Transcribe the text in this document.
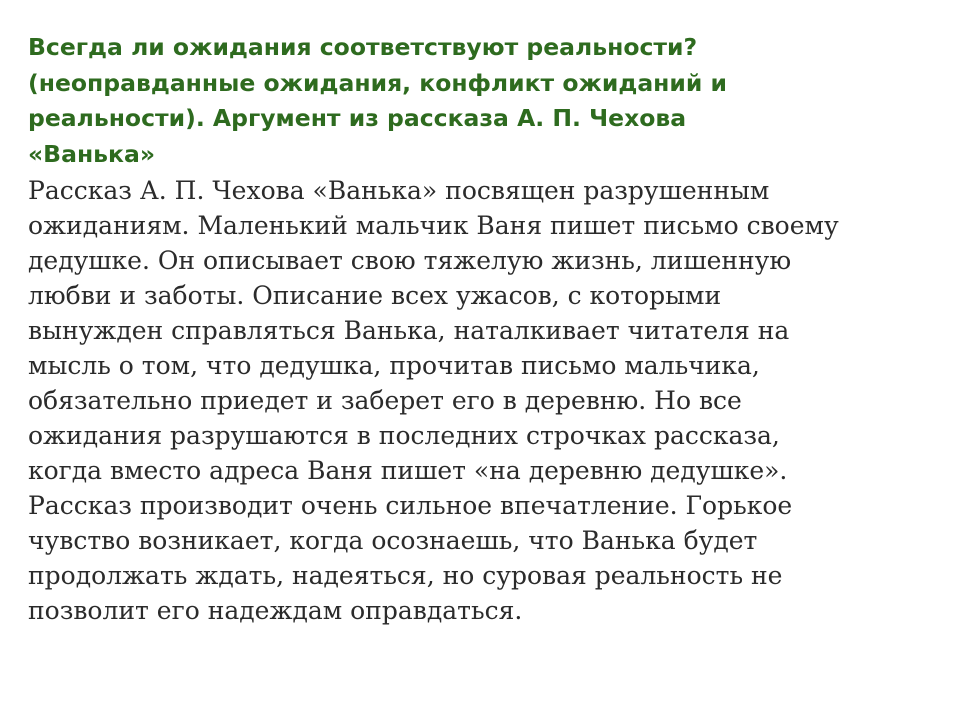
Всегда ли ожидания соответствуют реальности?
(неоправданные ожидания, конфликт ожиданий и
реальности). Аргумент из рассказа А. П. Чехова
«Ванька»

Рассказ А. П. Чехова «Ванька» посвящен разрушенным
ожиданиям. Маленький мальчик Ваня пишет письмо своему
дедушке. Он описывает свою тяжелую жизнь, лишенную
любви и заботы. Описание всех ужасов, с которыми
вынужден справляться Ванька, наталкивает читателя на
мысль о том, что дедушка, прочитав письмо мальчика,
обязательно приедет и заберет его в деревню. Но все
ожидания разрушаются в последних строчках рассказа,
когда вместо адреса Ваня пишет «на деревню дедушке».
Рассказ производит очень сильное впечатление. Горькое
чувство возникает, когда осознаешь, что Ванька будет
продолжать ждать, надеяться, но суровая реальность не
позволит его надеждам оправдаться.
